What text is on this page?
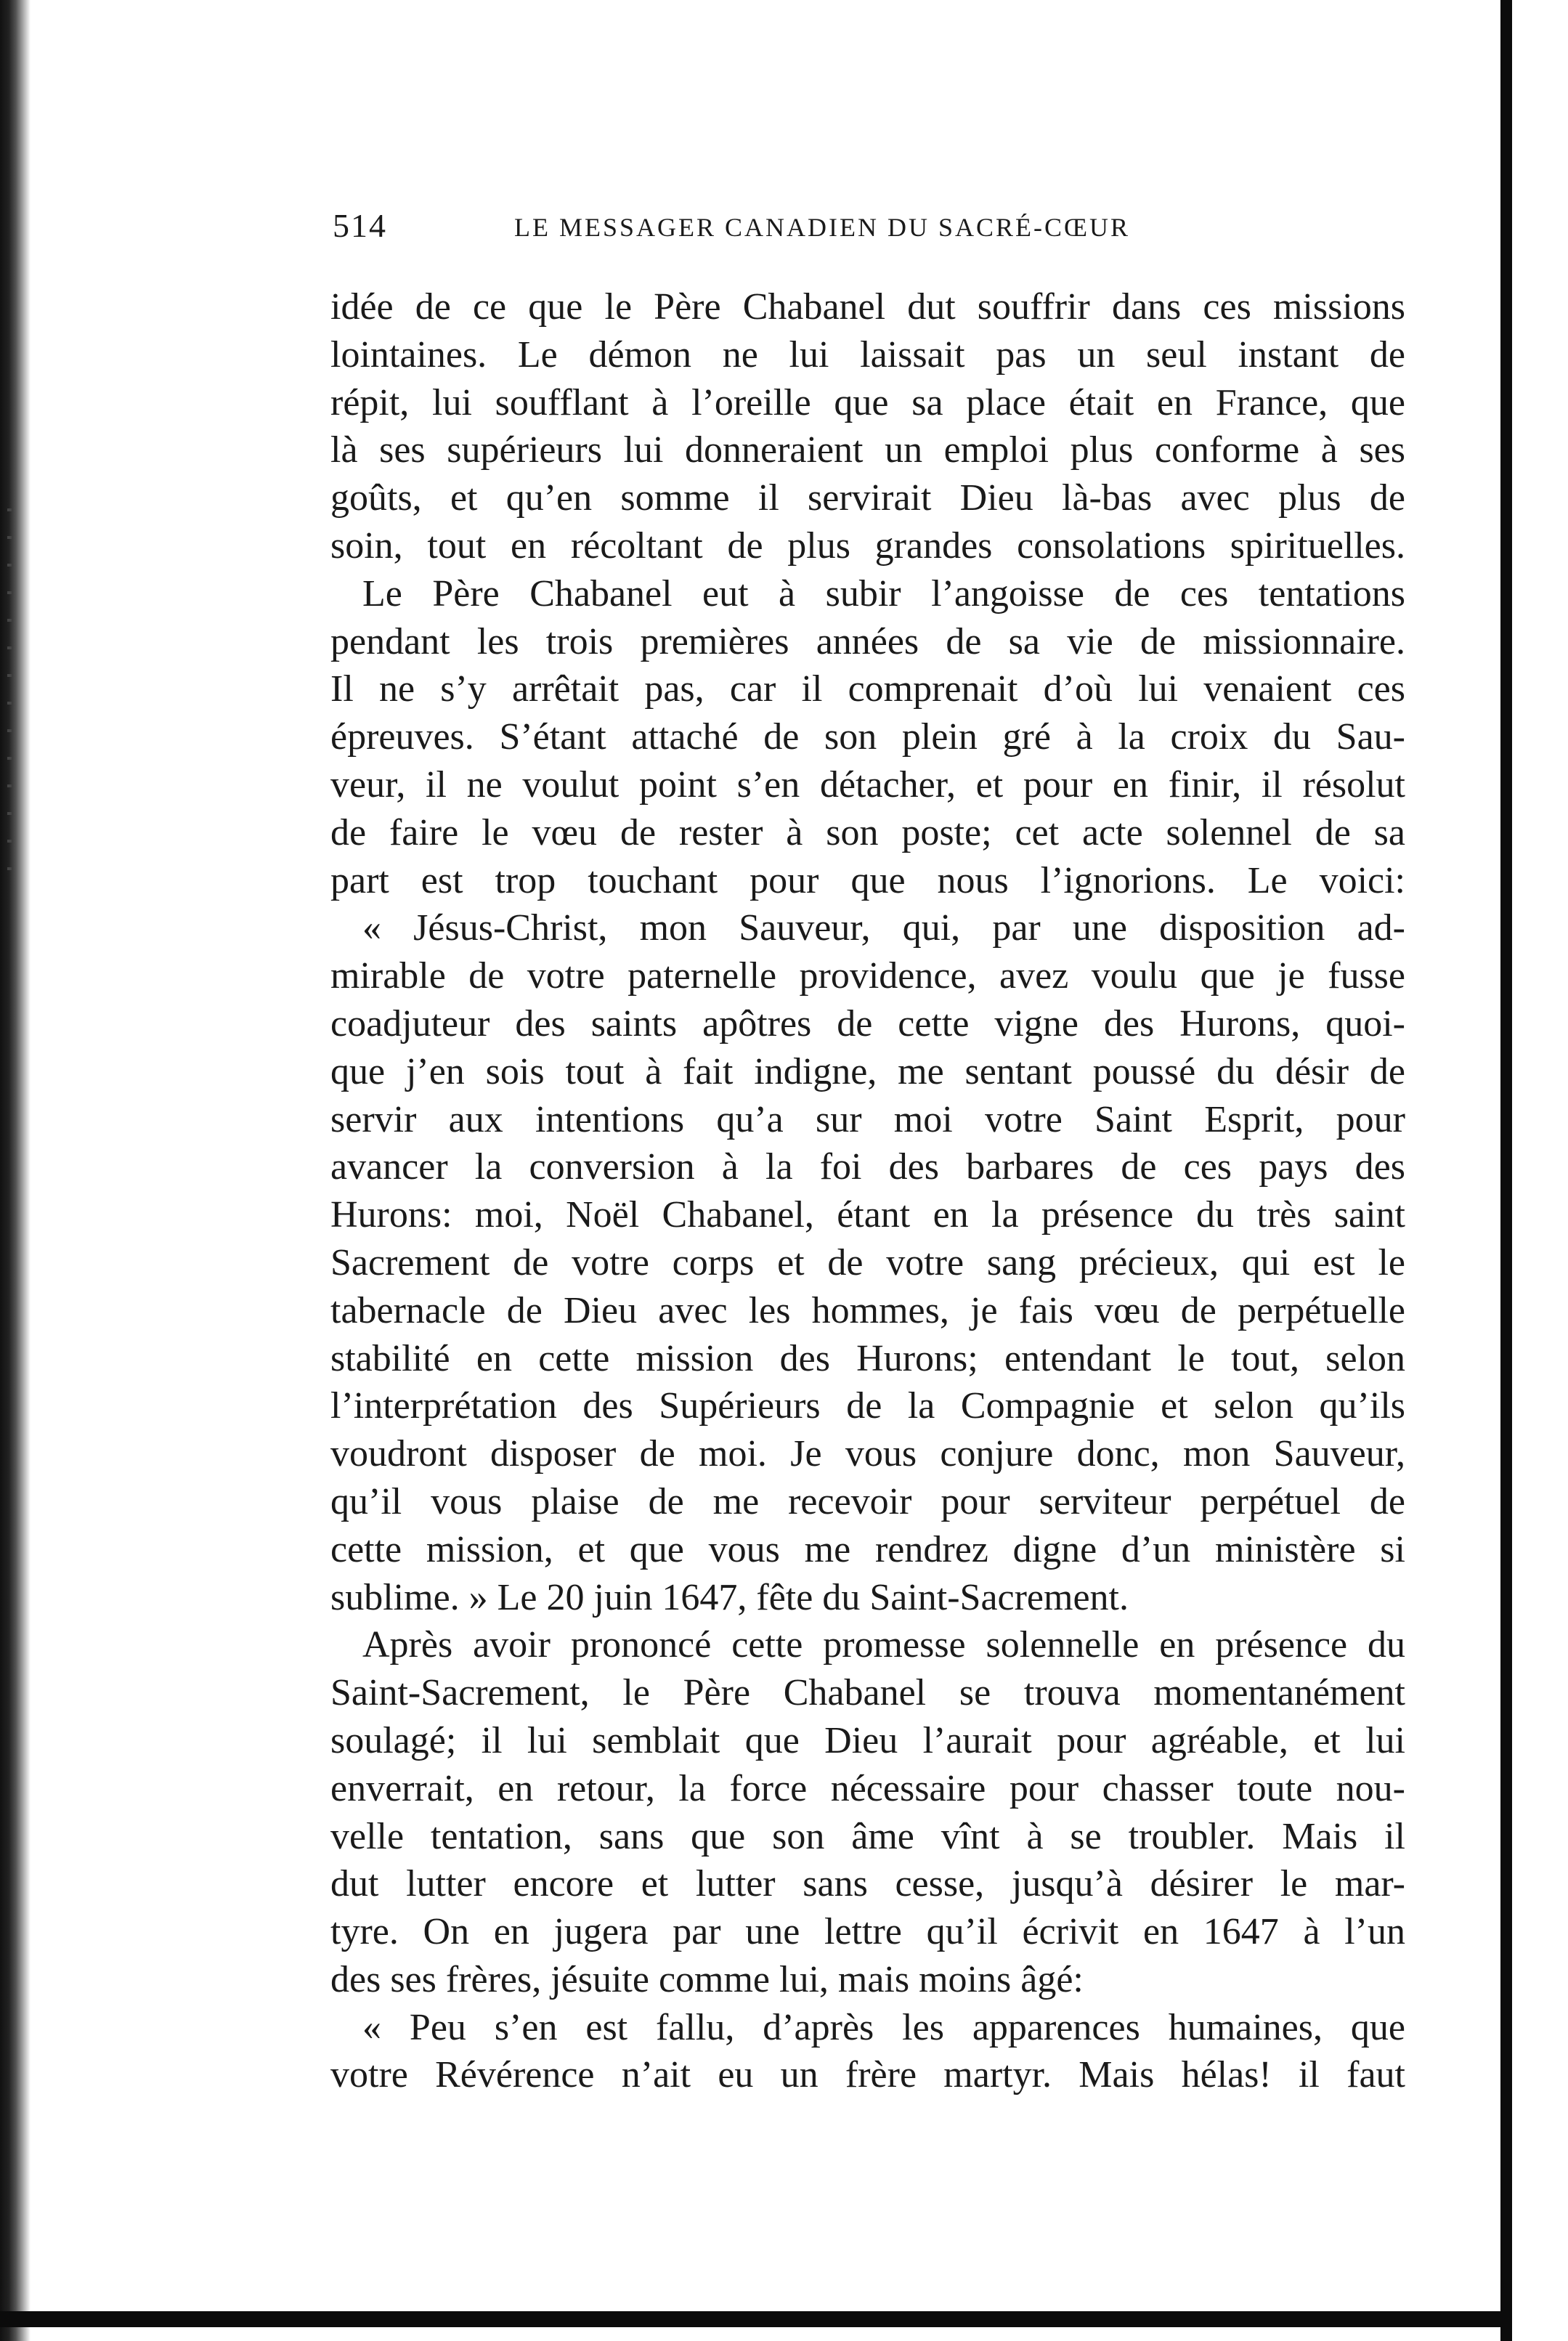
514	LE MESSAGER CANADIEN DU SACRÉ-CŒUR
idée de ce que le Père Chabanel dut souffrir dans ces missions
lointaines. Le démon ne lui laissait pas un seul instant de
répit, lui soufflant à l’oreille que sa place était en France, que
là ses supérieurs lui donneraient un emploi plus conforme à ses
goûts, et qu’en somme il servirait Dieu là-bas avec plus de
soin, tout en récoltant de plus grandes consolations spirituelles.
Le Père Chabanel eut à subir l’angoisse de ces tentations
pendant les trois premières années de sa vie de missionnaire.
Il ne s’y arrêtait pas, car il comprenait d’où lui venaient ces
épreuves. S’étant attaché de son plein gré à la croix du Sau-
veur, il ne voulut point s’en détacher, et pour en finir, il résolut
de faire le vœu de rester à son poste; cet acte solennel de sa
part est trop touchant pour que nous l’ignorions. Le voici:
« Jésus-Christ, mon Sauveur, qui, par une disposition ad-
mirable de votre paternelle providence, avez voulu que je fusse
coadjuteur des saints apôtres de cette vigne des Hurons, quoi-
que j’en sois tout à fait indigne, me sentant poussé du désir de
servir aux intentions qu’a sur moi votre Saint Esprit, pour
avancer la conversion à la foi des barbares de ces pays des
Hurons: moi, Noël Chabanel, étant en la présence du très saint
Sacrement de votre corps et de votre sang précieux, qui est le
tabernacle de Dieu avec les hommes, je fais vœu de perpétuelle
stabilité en cette mission des Hurons; entendant le tout, selon
l’interprétation des Supérieurs de la Compagnie et selon qu’ils
voudront disposer de moi. Je vous conjure donc, mon Sauveur,
qu’il vous plaise de me recevoir pour serviteur perpétuel de
cette mission, et que vous me rendrez digne d’un ministère si
sublime. » Le 20 juin 1647, fête du Saint-Sacrement.
Après avoir prononcé cette promesse solennelle en présence du
Saint-Sacrement, le Père Chabanel se trouva momentanément
soulagé; il lui semblait que Dieu l’aurait pour agréable, et lui
enverrait, en retour, la force nécessaire pour chasser toute nou-
velle tentation, sans que son âme vînt à se troubler. Mais il
dut lutter encore et lutter sans cesse, jusqu’à désirer le mar-
tyre. On en jugera par une lettre qu’il écrivit en 1647 à l’un
des ses frères, jésuite comme lui, mais moins âgé:
« Peu s’en est fallu, d’après les apparences humaines, que
votre Révérence n’ait eu un frère martyr. Mais hélas! il faut
